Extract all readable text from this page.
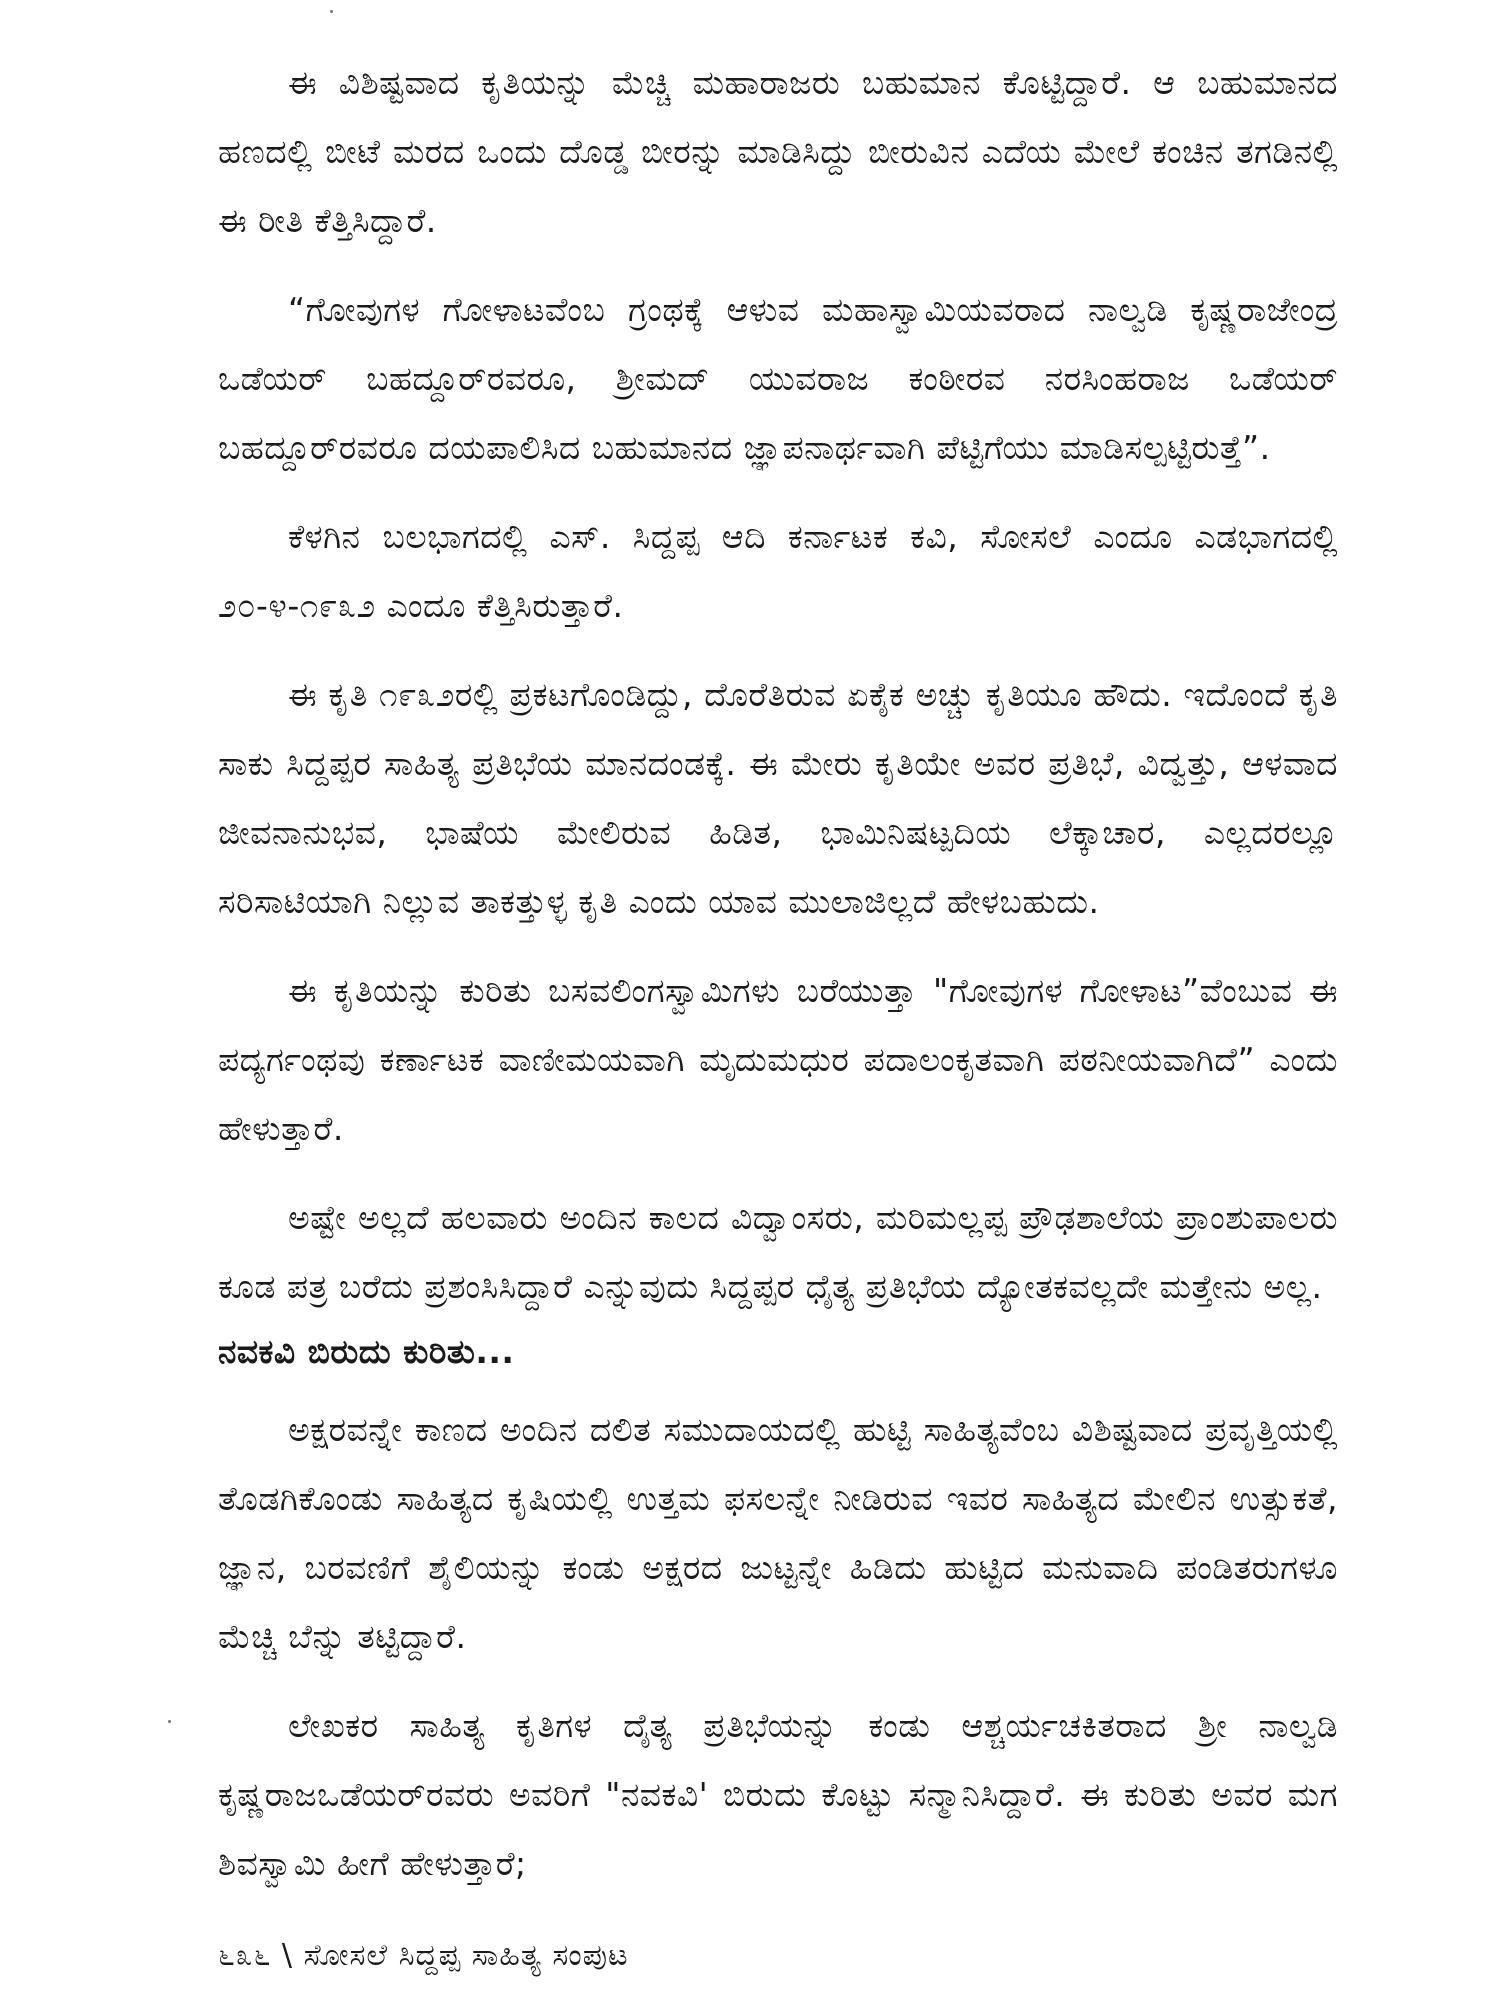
ಈ ವಿಶಿಷ್ಟವಾದ ಕೃತಿಯನ್ನು ಮೆಚ್ಚಿ ಮಹಾರಾಜರು ಬಹುಮಾನ ಕೊಟ್ಟಿದ್ದಾರೆ. ಆ ಬಹುಮಾನದ ಹಣದಲ್ಲಿ ಬೀಟೆ ಮರದ ಒಂದು ದೊಡ್ಡ ಬೀರನ್ನು ಮಾಡಿಸಿದ್ದು ಬೀರುವಿನ ಎದೆಯ ಮೇಲೆ ಕಂಚಿನ ತಗಡಿನಲ್ಲಿ ಈ ರೀತಿ ಕೆತ್ತಿಸಿದ್ದಾರೆ.

“ಗೋವುಗಳ ಗೋಳಾಟವೆಂಬ ಗ್ರಂಥಕ್ಕೆ ಆಳುವ ಮಹಾಸ್ವಾಮಿಯವರಾದ ನಾಲ್ವಡಿ ಕೃಷ್ಣರಾಜೇಂದ್ರ ಒಡೆಯರ್ ಬಹದ್ದೂರ್‌ರವರೂ, ಶ್ರೀಮದ್ ಯುವರಾಜ ಕಂಠೀರವ ನರಸಿಂಹರಾಜ ಒಡೆಯರ್ ಬಹದ್ದೂರ್‌ರವರೂ ದಯಪಾಲಿಸಿದ ಬಹುಮಾನದ ಜ್ಞಾಪನಾರ್ಥವಾಗಿ ಪೆಟ್ಟಿಗೆಯು ಮಾಡಿಸಲ್ಪಟ್ಟಿರುತ್ತೆ”.

ಕೆಳಗಿನ ಬಲಭಾಗದಲ್ಲಿ ಎಸ್. ಸಿದ್ದಪ್ಪ ಆದಿ ಕರ್ನಾಟಕ ಕವಿ, ಸೋಸಲೆ ಎಂದೂ ಎಡಭಾಗದಲ್ಲಿ ೨೦-೪-೧೯೩೨ ಎಂದೂ ಕೆತ್ತಿಸಿರುತ್ತಾರೆ.

ಈ ಕೃತಿ ೧೯೩೨ರಲ್ಲಿ ಪ್ರಕಟಗೊಂಡಿದ್ದು, ದೊರೆತಿರುವ ಏಕೈಕ ಅಚ್ಚು ಕೃತಿಯೂ ಹೌದು. ಇದೊಂದೆ ಕೃತಿ ಸಾಕು ಸಿದ್ದಪ್ಪರ ಸಾಹಿತ್ಯ ಪ್ರತಿಭೆಯ ಮಾನದಂಡಕ್ಕೆ. ಈ ಮೇರು ಕೃತಿಯೇ ಅವರ ಪ್ರತಿಭೆ, ವಿದ್ವತ್ತು, ಆಳವಾದ ಜೀವನಾನುಭವ, ಭಾಷೆಯ ಮೇಲಿರುವ ಹಿಡಿತ, ಭಾಮಿನಿಷಟ್ಪದಿಯ ಲೆಕ್ಕಾಚಾರ, ಎಲ್ಲದರಲ್ಲೂ ಸರಿಸಾಟಿಯಾಗಿ ನಿಲ್ಲುವ ತಾಕತ್ತುಳ್ಳ ಕೃತಿ ಎಂದು ಯಾವ ಮುಲಾಜಿಲ್ಲದೆ ಹೇಳಬಹುದು.

ಈ ಕೃತಿಯನ್ನು ಕುರಿತು ಬಸವಲಿಂಗಸ್ವಾಮಿಗಳು ಬರೆಯುತ್ತಾ "ಗೋವುಗಳ ಗೋಳಾಟ”ವೆಂಬುವ ಈ ಪದ್ಯರ್ಗಂಥವು ಕರ್ಣಾಟಕ ವಾಣೀಮಯವಾಗಿ ಮೃದುಮಧುರ ಪದಾಲಂಕೃತವಾಗಿ ಪಠನೀಯವಾಗಿದೆ” ಎಂದು ಹೇಳುತ್ತಾರೆ.

ಅಷ್ಟೇ ಅಲ್ಲದೆ ಹಲವಾರು ಅಂದಿನ ಕಾಲದ ವಿದ್ವಾಂಸರು, ಮರಿಮಲ್ಲಪ್ಪ ಪ್ರೌಢಶಾಲೆಯ ಪ್ರಾಂಶುಪಾಲರು ಕೂಡ ಪತ್ರ ಬರೆದು ಪ್ರಶಂಸಿಸಿದ್ದಾರೆ ಎನ್ನುವುದು ಸಿದ್ದಪ್ಪರ ಧೈತ್ಯ ಪ್ರತಿಭೆಯ ದ್ಯೋತಕವಲ್ಲದೇ ಮತ್ತೇನು ಅಲ್ಲ.

ನವಕವಿ ಬಿರುದು ಕುರಿತು...

ಅಕ್ಷರವನ್ನೇ ಕಾಣದ ಅಂದಿನ ದಲಿತ ಸಮುದಾಯದಲ್ಲಿ ಹುಟ್ಟಿ ಸಾಹಿತ್ಯವೆಂಬ ವಿಶಿಷ್ಟವಾದ ಪ್ರವೃತ್ತಿಯಲ್ಲಿ ತೊಡಗಿಕೊಂಡು ಸಾಹಿತ್ಯದ ಕೃಷಿಯಲ್ಲಿ ಉತ್ತಮ ಫಸಲನ್ನೇ ನೀಡಿರುವ ಇವರ ಸಾಹಿತ್ಯದ ಮೇಲಿನ ಉತ್ಸುಕತೆ, ಜ್ಞಾನ, ಬರವಣಿಗೆ ಶೈಲಿಯನ್ನು ಕಂಡು ಅಕ್ಷರದ ಜುಟ್ಟನ್ನೇ ಹಿಡಿದು ಹುಟ್ಟಿದ ಮನುವಾದಿ ಪಂಡಿತರುಗಳೂ ಮೆಚ್ಚಿ ಬೆನ್ನು ತಟ್ಟಿದ್ದಾರೆ.

ಲೇಖಕರ ಸಾಹಿತ್ಯ ಕೃತಿಗಳ ದೈತ್ಯ ಪ್ರತಿಭೆಯನ್ನು ಕಂಡು ಆಶ್ಚರ್ಯಚಕಿತರಾದ ಶ್ರೀ ನಾಲ್ವಡಿ ಕೃಷ್ಣರಾಜಒಡೆಯರ್‌ರವರು ಅವರಿಗೆ "ನವಕವಿ' ಬಿರುದು ಕೊಟ್ಟು ಸನ್ಮಾನಿಸಿದ್ದಾರೆ. ಈ ಕುರಿತು ಅವರ ಮಗ ಶಿವಸ್ವಾಮಿ ಹೀಗೆ ಹೇಳುತ್ತಾರೆ;

೬೩೬ \ ಸೋಸಲೆ ಸಿದ್ದಪ್ಪ ಸಾಹಿತ್ಯ ಸಂಪುಟ
